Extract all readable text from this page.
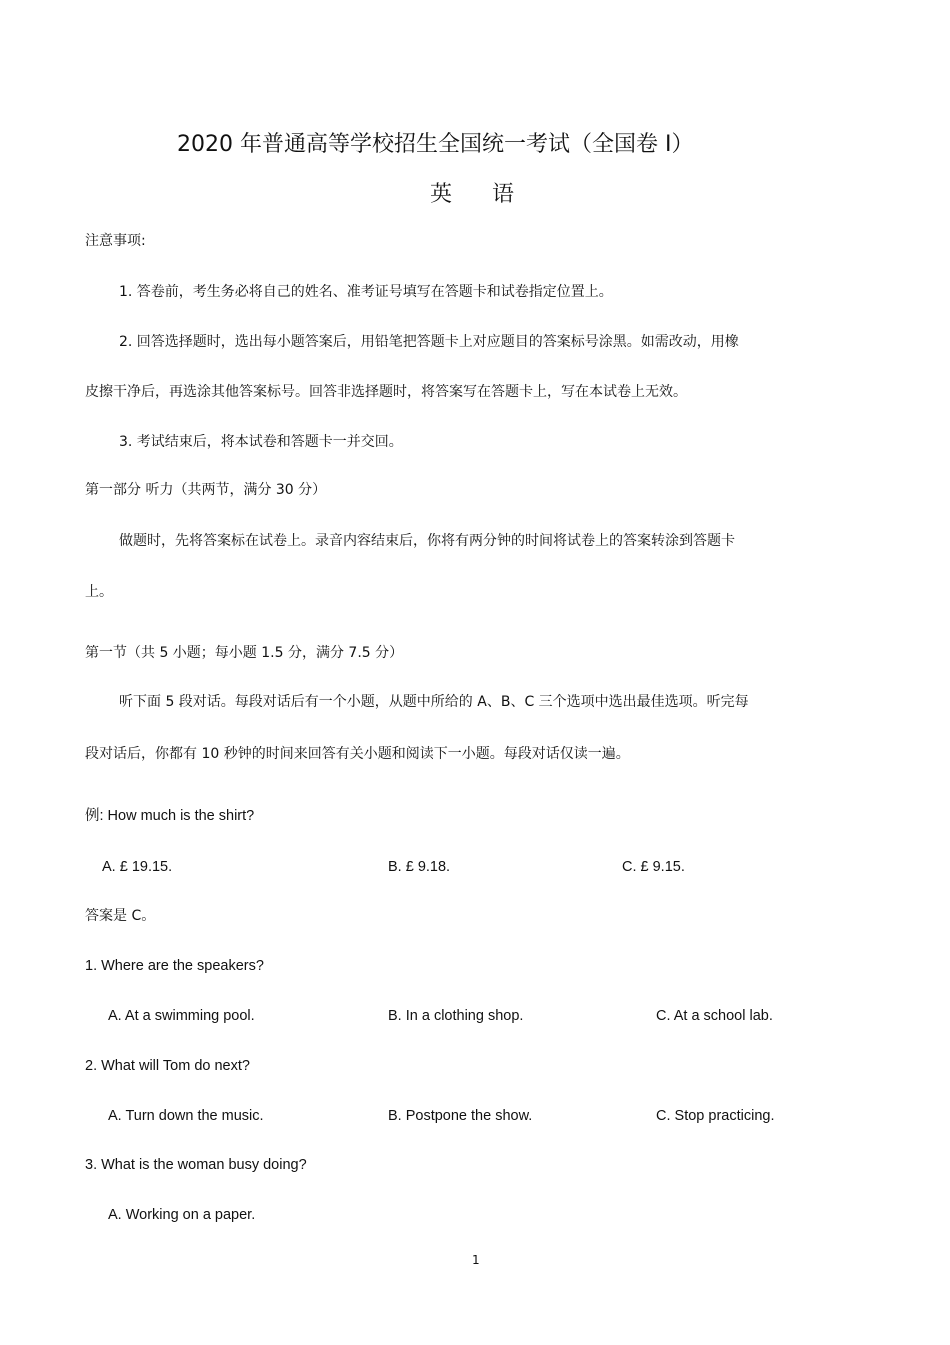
2020 年普通高等学校招生全国统一考试（全国卷 I）
英语
注意事项:
1. 答卷前，考生务必将自己的姓名、准考证号填写在答题卡和试卷指定位置上。
2. 回答选择题时，选出每小题答案后，用铅笔把答题卡上对应题目的答案标号涂黑。如需改动，用橡
皮擦干净后，再选涂其他答案标号。回答非选择题时，将答案写在答题卡上，写在本试卷上无效。
3. 考试结束后，将本试卷和答题卡一并交回。
第一部分 听力（共两节，满分 30 分）
做题时，先将答案标在试卷上。录音内容结束后，你将有两分钟的时间将试卷上的答案转涂到答题卡
上。
第一节（共 5 小题；每小题 1.5 分，满分 7.5 分）
听下面 5 段对话。每段对话后有一个小题，从题中所给的 A、B、C 三个选项中选出最佳选项。听完每
段对话后，你都有 10 秒钟的时间来回答有关小题和阅读下一小题。每段对话仅读一遍。
例: How much is the shirt?
A. £ 19.15.	B. £ 9.18.	C. £ 9.15.
答案是 C。
1. Where are the speakers?
A. At a swimming pool.	B. In a clothing shop.	C. At a school lab.
2. What will Tom do next?
A. Turn down the music.	B. Postpone the show.	C. Stop practicing.
3. What is the woman busy doing?
A. Working on a paper.
1
